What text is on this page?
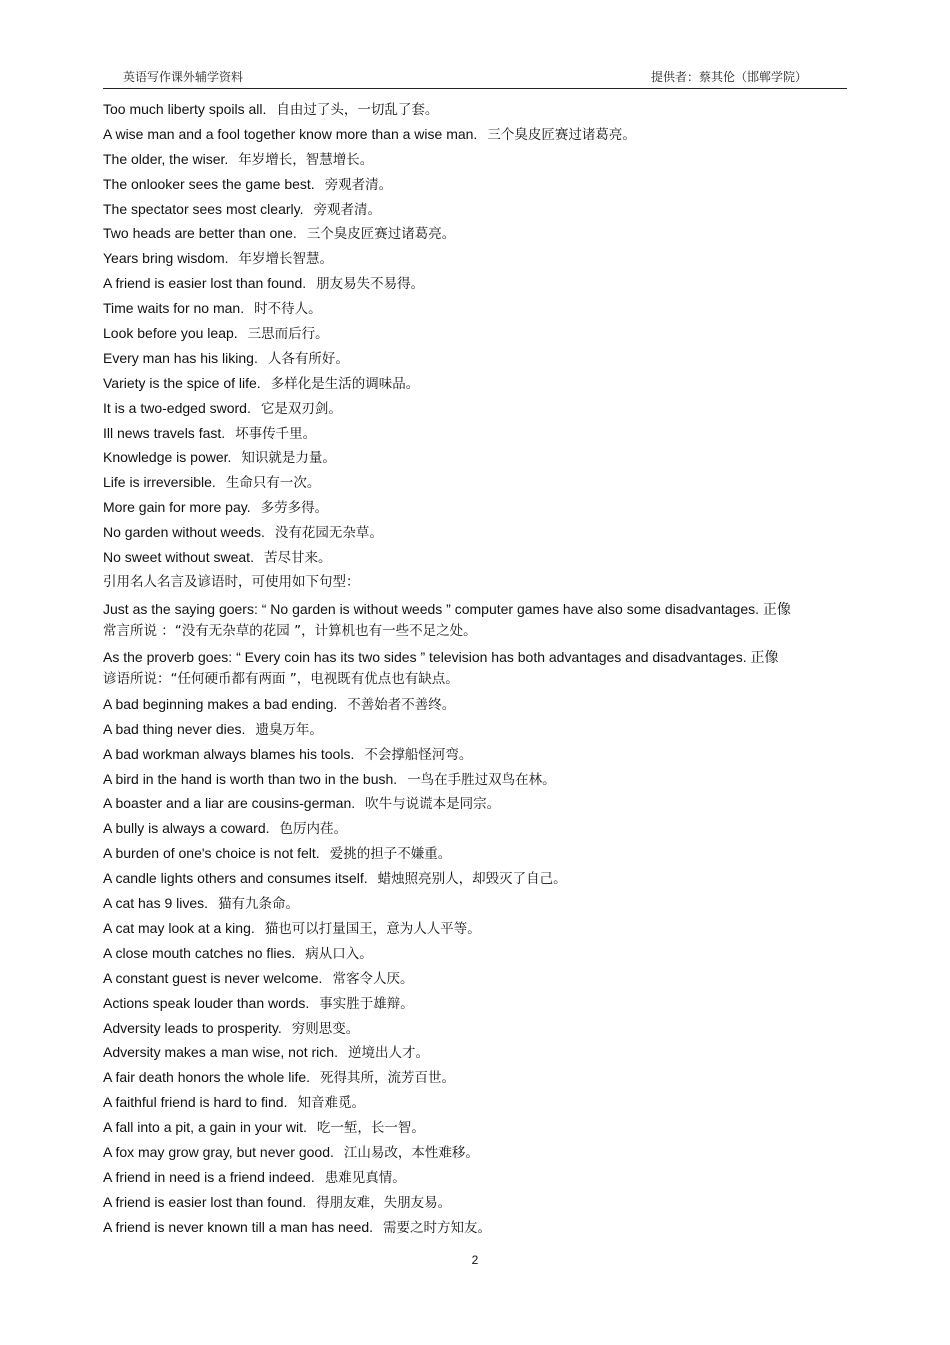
英语写作课外辅学资料	提供者：蔡其伦（邯郸学院）
Too much liberty spoils all. 自由过了头，一切乱了套。
A wise man and a fool together know more than a wise man. 三个臭皮匠赛过诸葛亮。
The older, the wiser. 年岁增长，智慧增长。
The onlooker sees the game best. 旁观者清。
The spectator sees most clearly. 旁观者清。
Two heads are better than one. 三个臭皮匠赛过诸葛亮。
Years bring wisdom. 年岁增长智慧。
A friend is easier lost than found. 朋友易失不易得。
Time waits for no man. 时不待人。
Look before you leap. 三思而后行。
Every man has his liking. 人各有所好。
Variety is the spice of life. 多样化是生活的调味品。
It is a two-edged sword. 它是双刃剑。
Ill news travels fast. 坏事传千里。
Knowledge is power. 知识就是力量。
Life is irreversible. 生命只有一次。
More gain for more pay. 多劳多得。
No garden without weeds. 没有花园无杂草。
No sweet without sweat. 苦尽甘来。
引用名人名言及谚语时，可使用如下句型：
Just as the saying goers: “ No garden is without weeds ” computer games have also some disadvantages. 正像
常言所说 ：“没有无杂草的花园 ”，计算机也有一些不足之处。
As the proverb goes: “ Every coin has its two sides ” television has both advantages and disadvantages. 正像
谚语所说：“任何硬币都有两面 ”，电视既有优点也有缺点。
A bad beginning makes a bad ending. 不善始者不善终。
A bad thing never dies. 遗臭万年。
A bad workman always blames his tools. 不会撑船怪河弯。
A bird in the hand is worth than two in the bush. 一鸟在手胜过双鸟在林。
A boaster and a liar are cousins-german. 吹牛与说谎本是同宗。
A bully is always a coward. 色厉内荏。
A burden of one's choice is not felt. 爱挑的担子不嫌重。
A candle lights others and consumes itself. 蜡烛照亮别人，却毁灭了自己。
A cat has 9 lives. 猫有九条命。
A cat may look at a king. 猫也可以打量国王，意为人人平等。
A close mouth catches no flies. 病从口入。
A constant guest is never welcome. 常客令人厌。
Actions speak louder than words. 事实胜于雄辩。
Adversity leads to prosperity. 穷则思变。
Adversity makes a man wise, not rich. 逆境出人才。
A fair death honors the whole life. 死得其所，流芳百世。
A faithful friend is hard to find. 知音难觅。
A fall into a pit, a gain in your wit. 吃一堑，长一智。
A fox may grow gray, but never good. 江山易改，本性难移。
A friend in need is a friend indeed. 患难见真情。
A friend is easier lost than found. 得朋友难，失朋友易。
A friend is never known till a man has need. 需要之时方知友。
2
